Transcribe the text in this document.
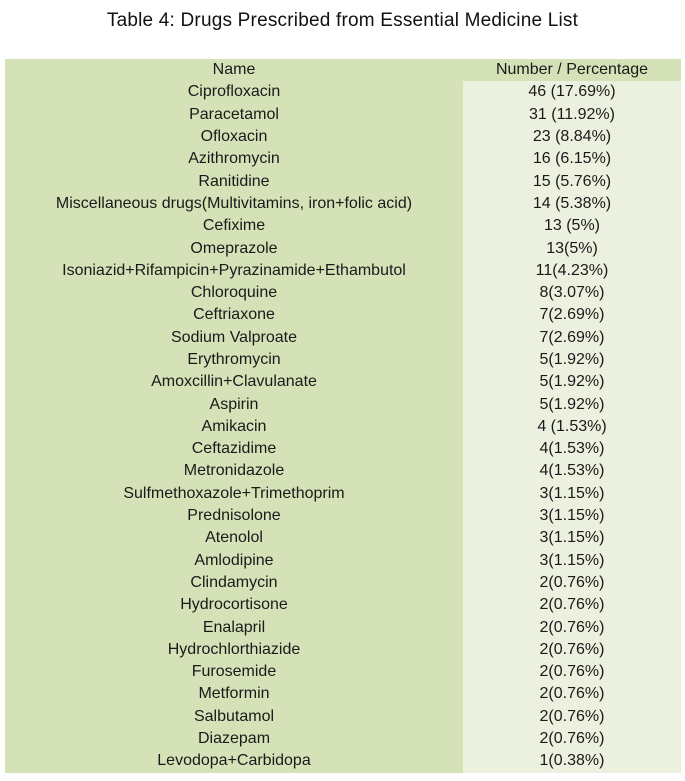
Table 4: Drugs Prescribed from Essential Medicine List
Name	Number / Percentage
Ciprofloxacin	46 (17.69%)
Paracetamol	31 (11.92%)
Ofloxacin	23 (8.84%)
Azithromycin	16 (6.15%)
Ranitidine	15 (5.76%)
Miscellaneous drugs(Multivitamins, iron+folic acid)	14 (5.38%)
Cefixime	13 (5%)
Omeprazole	13(5%)
Isoniazid+Rifampicin+Pyrazinamide+Ethambutol	11(4.23%)
Chloroquine	8(3.07%)
Ceftriaxone	7(2.69%)
Sodium Valproate	7(2.69%)
Erythromycin	5(1.92%)
Amoxcillin+Clavulanate	5(1.92%)
Aspirin	5(1.92%)
Amikacin	4 (1.53%)
Ceftazidime	4(1.53%)
Metronidazole	4(1.53%)
Sulfmethoxazole+Trimethoprim	3(1.15%)
Prednisolone	3(1.15%)
Atenolol	3(1.15%)
Amlodipine	3(1.15%)
Clindamycin	2(0.76%)
Hydrocortisone	2(0.76%)
Enalapril	2(0.76%)
Hydrochlorthiazide	2(0.76%)
Furosemide	2(0.76%)
Metformin	2(0.76%)
Salbutamol	2(0.76%)
Diazepam	2(0.76%)
Levodopa+Carbidopa	1(0.38%)
